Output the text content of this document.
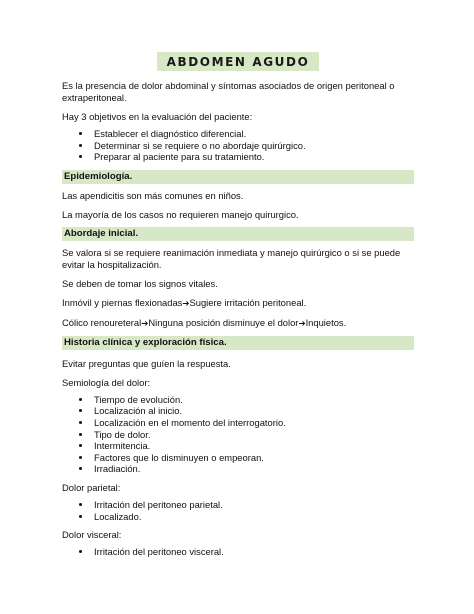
ABDOMEN AGUDO

Es la presencia de dolor abdominal y síntomas asociados de origen peritoneal o extraperitoneal.

Hay 3 objetivos en la evaluación del paciente:

• Establecer el diagnóstico diferencial.
• Determinar si se requiere o no abordaje quirúrgico.
• Preparar al paciente para su tratamiento.
Epidemiología.

Las apendicitis son más comunes en niños.

La mayoría de los casos no requieren manejo quirurgico.

Abordaje inicial.

Se valora si se requiere reanimación inmediata y manejo quirúrgico o si se puede evitar la hospitalización.

Se deben de tomar los signos vitales.

Inmóvil y piernas flexionadas➔Sugiere irritación peritoneal.

Cólico renoureteral➔Ninguna posición disminuye el dolor➔Inquietos.

Historia clínica y exploración física.

Evitar preguntas que guíen la respuesta.

Semiología del dolor:

• Tiempo de evolución.
• Localización al inicio.
• Localización en el momento del interrogatorio.
• Tipo de dolor.
• Intermitencia.
• Factores que lo disminuyen o empeoran.
• Irradiación.

Dolor parietal:

• Irritación del peritoneo parietal.
• Localizado.

Dolor visceral:

• Irritación del peritoneo visceral.
